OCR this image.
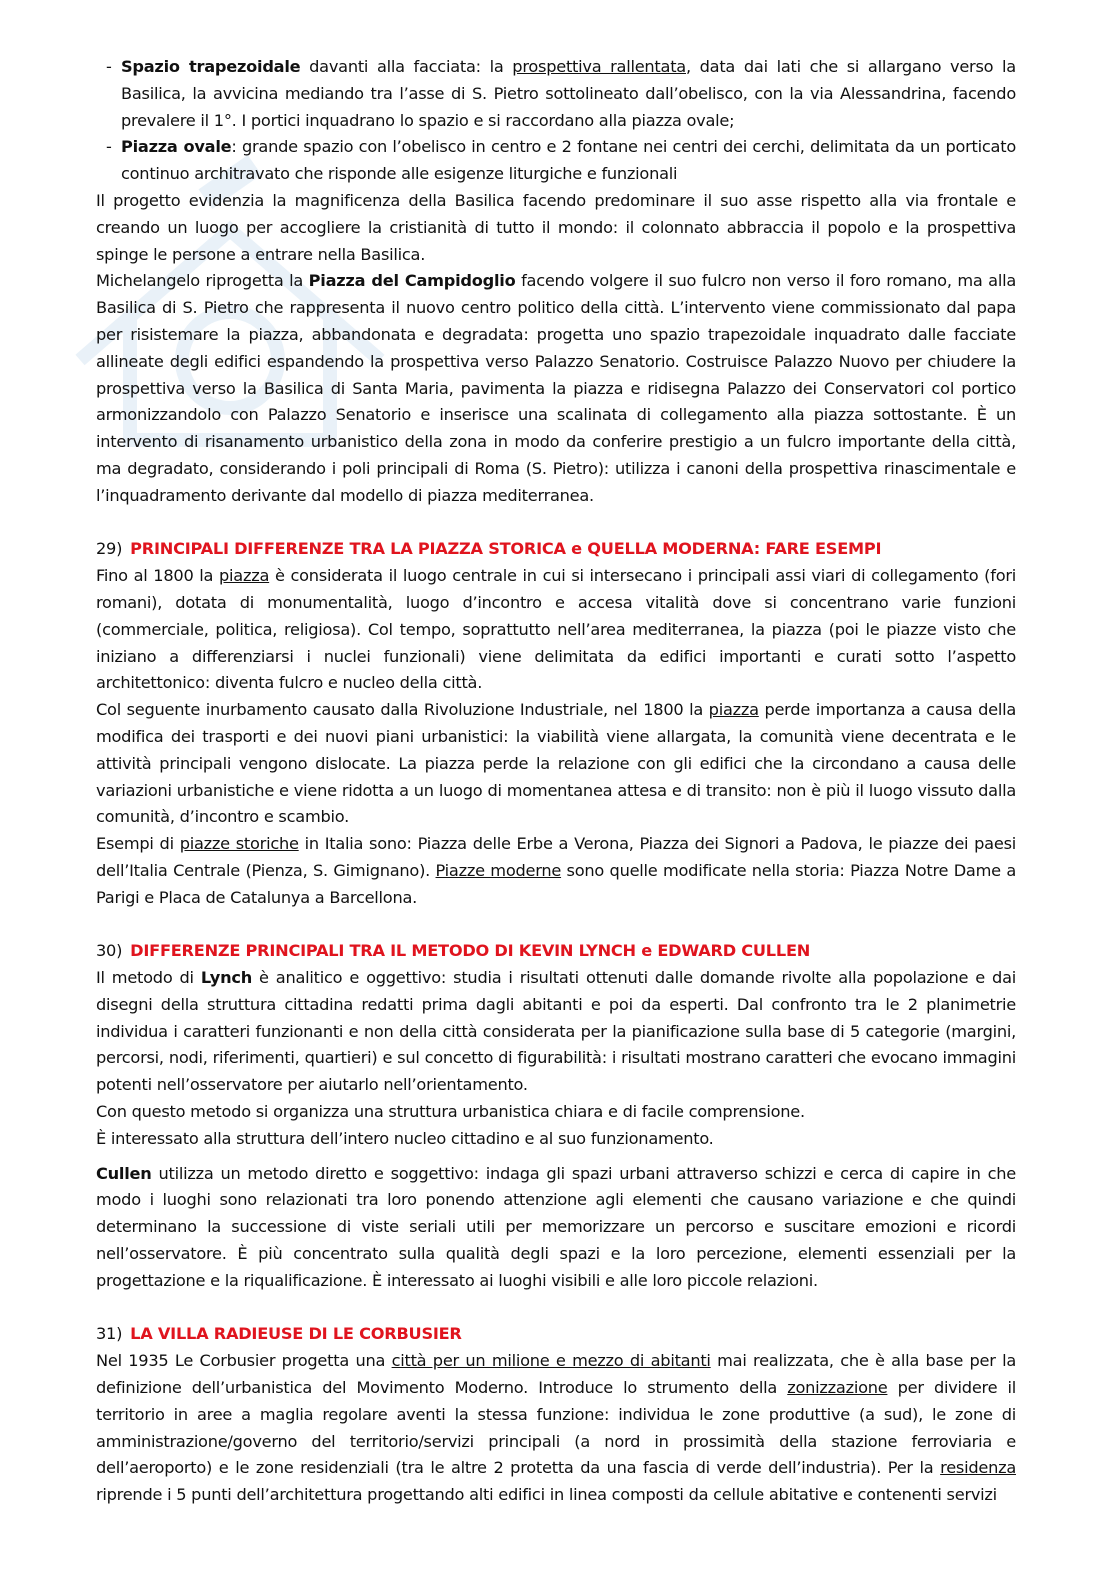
- Spazio trapezoidale davanti alla facciata: la prospettiva rallentata, data dai lati che si allargano verso la Basilica, la avvicina mediando tra l’asse di S. Pietro sottolineato dall’obelisco, con la via Alessandrina, facendo prevalere il 1°. I portici inquadrano lo spazio e si raccordano alla piazza ovale;
- Piazza ovale: grande spazio con l’obelisco in centro e 2 fontane nei centri dei cerchi, delimitata da un porticato continuo architravato che risponde alle esigenze liturgiche e funzionali

Il progetto evidenzia la magnificenza della Basilica facendo predominare il suo asse rispetto alla via frontale e creando un luogo per accogliere la cristianità di tutto il mondo: il colonnato abbraccia il popolo e la prospettiva spinge le persone a entrare nella Basilica.

Michelangelo riprogetta la Piazza del Campidoglio facendo volgere il suo fulcro non verso il foro romano, ma alla Basilica di S. Pietro che rappresenta il nuovo centro politico della città. L’intervento viene commissionato dal papa per risistemare la piazza, abbandonata e degradata: progetta uno spazio trapezoidale inquadrato dalle facciate allineate degli edifici espandendo la prospettiva verso Palazzo Senatorio. Costruisce Palazzo Nuovo per chiudere la prospettiva verso la Basilica di Santa Maria, pavimenta la piazza e ridisegna Palazzo dei Conservatori col portico armonizzandolo con Palazzo Senatorio e inserisce una scalinata di collegamento alla piazza sottostante. È un intervento di risanamento urbanistico della zona in modo da conferire prestigio a un fulcro importante della città, ma degradato, considerando i poli principali di Roma (S. Pietro): utilizza i canoni della prospettiva rinascimentale e l’inquadramento derivante dal modello di piazza mediterranea.

29) PRINCIPALI DIFFERENZE TRA LA PIAZZA STORICA e QUELLA MODERNA: FARE ESEMPI

Fino al 1800 la piazza è considerata il luogo centrale in cui si intersecano i principali assi viari di collegamento (fori romani), dotata di monumentalità, luogo d’incontro e accesa vitalità dove si concentrano varie funzioni (commerciale, politica, religiosa). Col tempo, soprattutto nell’area mediterranea, la piazza (poi le piazze visto che iniziano a differenziarsi i nuclei funzionali) viene delimitata da edifici importanti e curati sotto l’aspetto architettonico: diventa fulcro e nucleo della città.

Col seguente inurbamento causato dalla Rivoluzione Industriale, nel 1800 la piazza perde importanza a causa della modifica dei trasporti e dei nuovi piani urbanistici: la viabilità viene allargata, la comunità viene decentrata e le attività principali vengono dislocate. La piazza perde la relazione con gli edifici che la circondano a causa delle variazioni urbanistiche e viene ridotta a un luogo di momentanea attesa e di transito: non è più il luogo vissuto dalla comunità, d’incontro e scambio.

Esempi di piazze storiche in Italia sono: Piazza delle Erbe a Verona, Piazza dei Signori a Padova, le piazze dei paesi dell’Italia Centrale (Pienza, S. Gimignano). Piazze moderne sono quelle modificate nella storia: Piazza Notre Dame a Parigi e Placa de Catalunya a Barcellona.

30) DIFFERENZE PRINCIPALI TRA IL METODO DI KEVIN LYNCH e EDWARD CULLEN

Il metodo di Lynch è analitico e oggettivo: studia i risultati ottenuti dalle domande rivolte alla popolazione e dai disegni della struttura cittadina redatti prima dagli abitanti e poi da esperti. Dal confronto tra le 2 planimetrie individua i caratteri funzionanti e non della città considerata per la pianificazione sulla base di 5 categorie (margini, percorsi, nodi, riferimenti, quartieri) e sul concetto di figurabilità: i risultati mostrano caratteri che evocano immagini potenti nell’osservatore per aiutarlo nell’orientamento.

Con questo metodo si organizza una struttura urbanistica chiara e di facile comprensione.

È interessato alla struttura dell’intero nucleo cittadino e al suo funzionamento.

Cullen utilizza un metodo diretto e soggettivo: indaga gli spazi urbani attraverso schizzi e cerca di capire in che modo i luoghi sono relazionati tra loro ponendo attenzione agli elementi che causano variazione e che quindi determinano la successione di viste seriali utili per memorizzare un percorso e suscitare emozioni e ricordi nell’osservatore. È più concentrato sulla qualità degli spazi e la loro percezione, elementi essenziali per la progettazione e la riqualificazione. È interessato ai luoghi visibili e alle loro piccole relazioni.

31) LA VILLA RADIEUSE DI LE CORBUSIER

Nel 1935 Le Corbusier progetta una città per un milione e mezzo di abitanti mai realizzata, che è alla base per la definizione dell’urbanistica del Movimento Moderno. Introduce lo strumento della zonizzazione per dividere il territorio in aree a maglia regolare aventi la stessa funzione: individua le zone produttive (a sud), le zone di amministrazione/governo del territorio/servizi principali (a nord in prossimità della stazione ferroviaria e dell’aeroporto) e le zone residenziali (tra le altre 2 protetta da una fascia di verde dell’industria). Per la residenza riprende i 5 punti dell’architettura progettando alti edifici in linea composti da cellule abitative e contenenti servizi
